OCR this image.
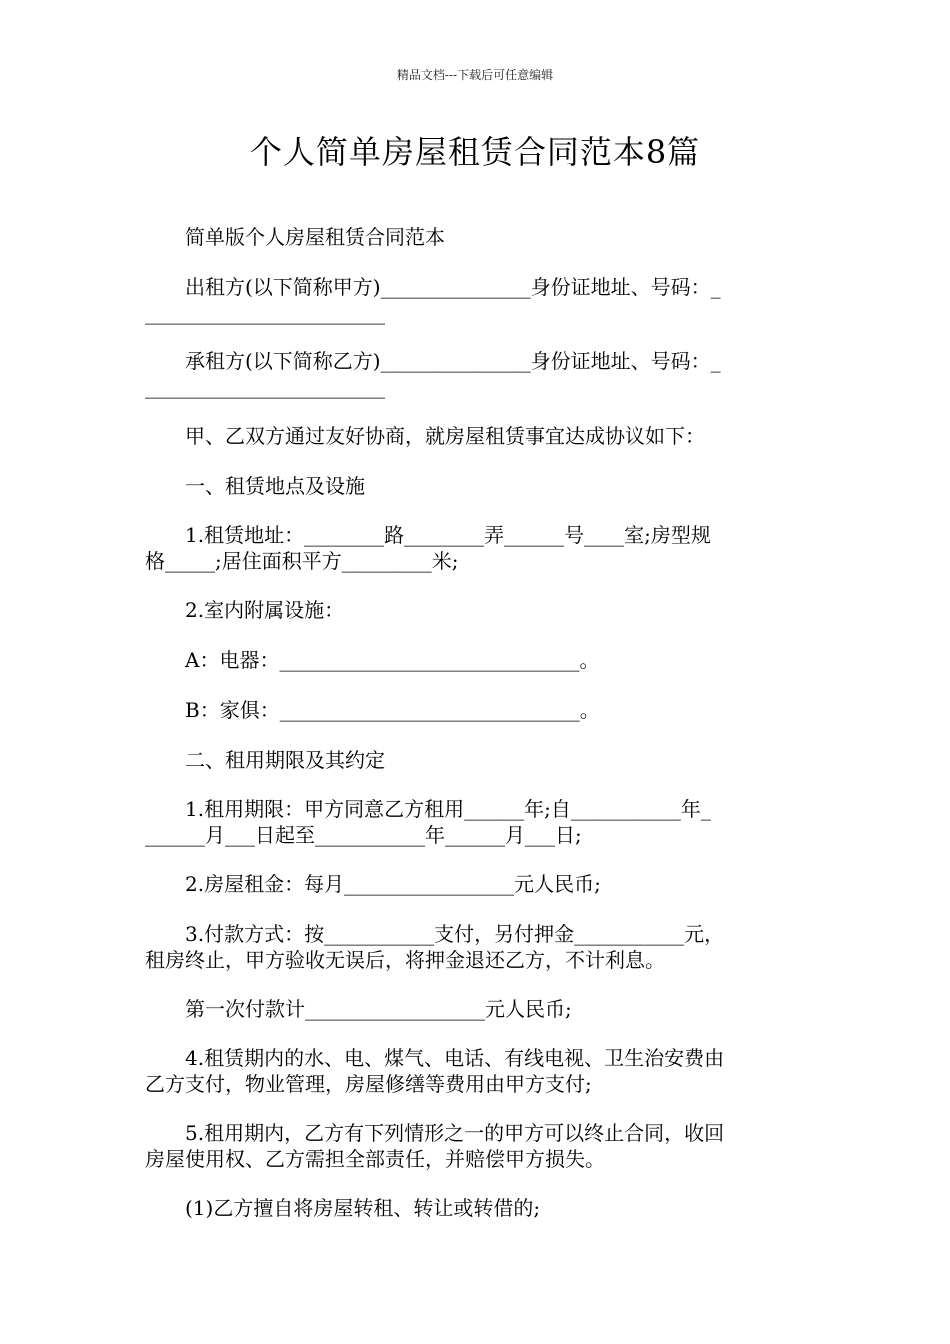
精品文档---下载后可任意编辑
个人简单房屋租赁合同范本8篇
　　简单版个人房屋租赁合同范本
　　出租方(以下简称甲方)_______________身份证地址、号码：_
________________________
　　承租方(以下简称乙方)_______________身份证地址、号码：_
________________________
　　甲、乙双方通过友好协商，就房屋租赁事宜达成协议如下：
　　一、租赁地点及设施
　　1.租赁地址：________路________弄______号____室;房型规
格_____;居住面积平方_________米;
　　2.室内附属设施：
　　A：电器：______________________________。
　　B：家俱：______________________________。
　　二、租用期限及其约定
　　1.租用期限：甲方同意乙方租用______年;自___________年_
______月___日起至___________年______月___日;
　　2.房屋租金：每月_________________元人民币;
　　3.付款方式：按___________支付，另付押金___________元，
租房终止，甲方验收无误后，将押金退还乙方，不计利息。
　　第一次付款计__________________元人民币;
　　4.租赁期内的水、电、煤气、电话、有线电视、卫生治安费由
乙方支付，物业管理，房屋修缮等费用由甲方支付;
　　5.租用期内，乙方有下列情形之一的甲方可以终止合同，收回
房屋使用权、乙方需担全部责任，并赔偿甲方损失。
　　(1)乙方擅自将房屋转租、转让或转借的;
